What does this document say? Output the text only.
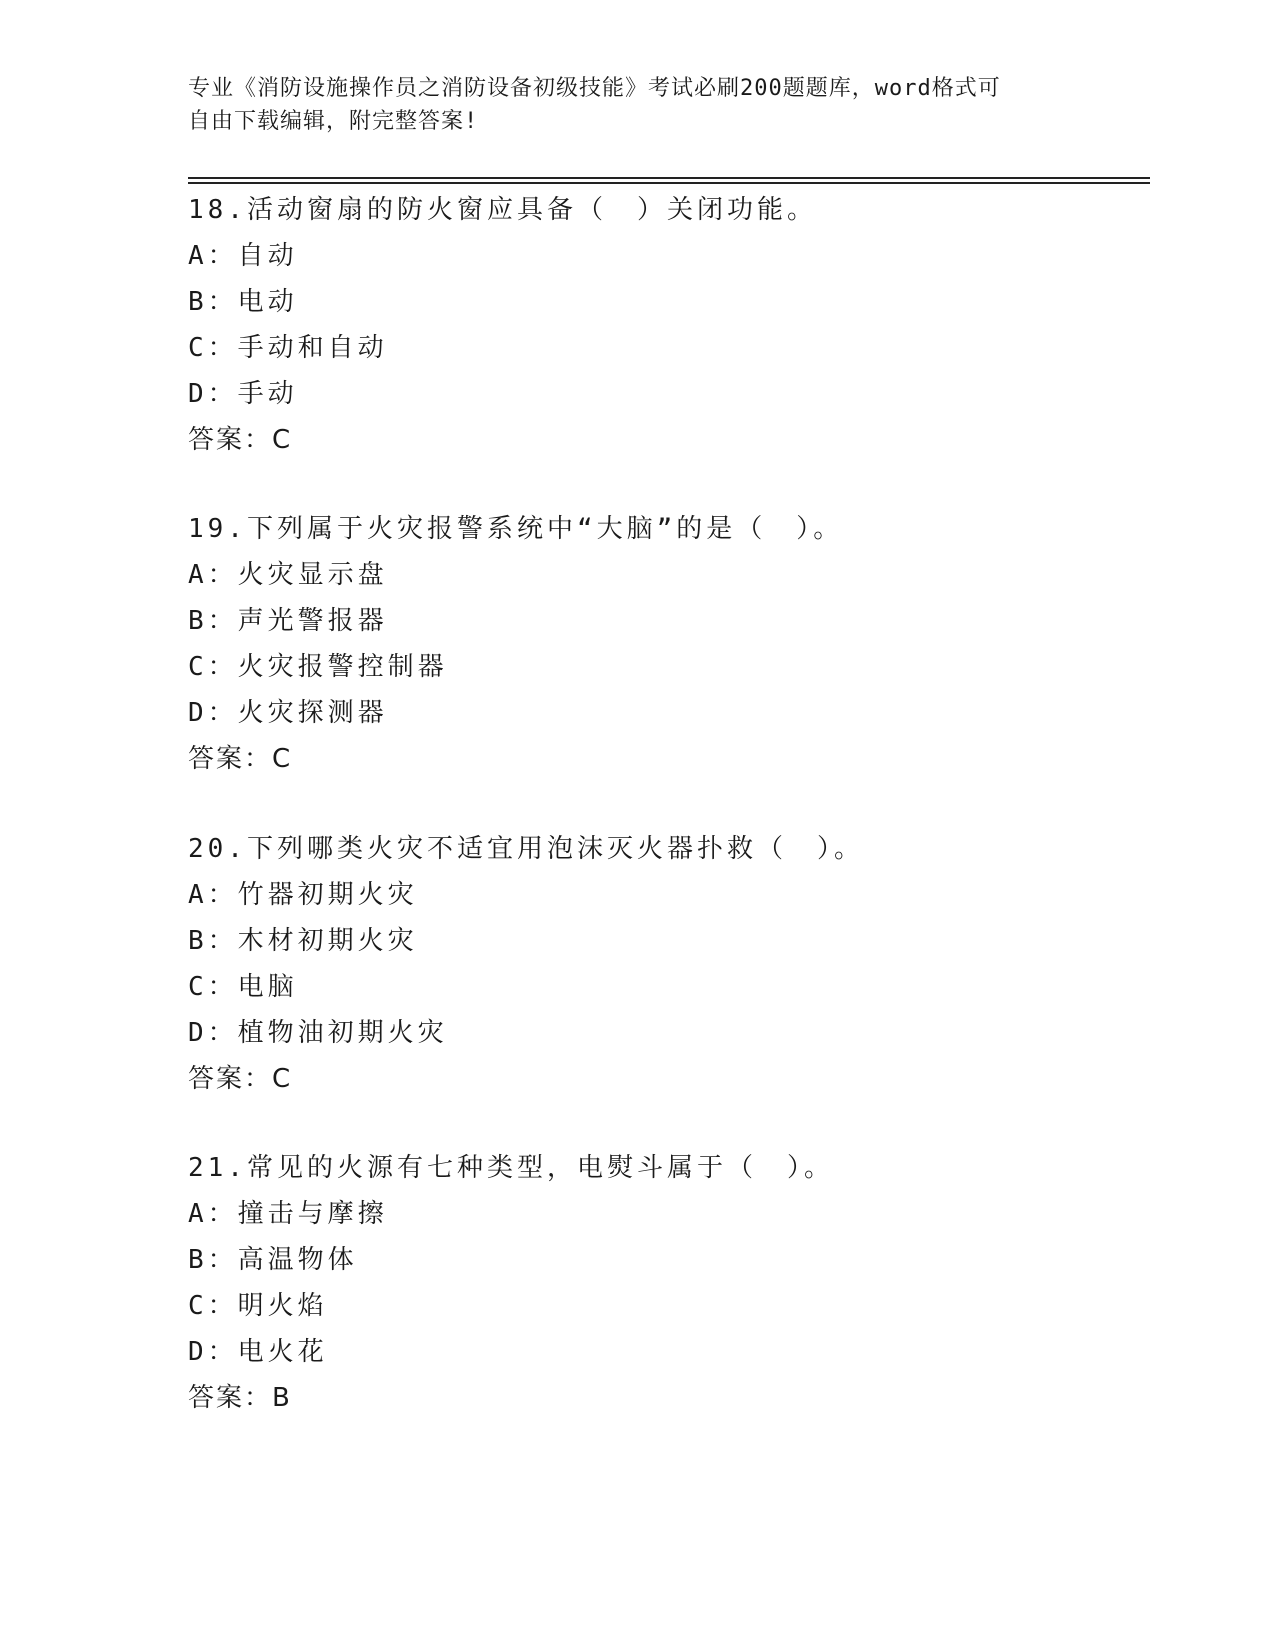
专业《消防设施操作员之消防设备初级技能》考试必刷200题题库，word格式可
自由下载编辑，附完整答案!
18.活动窗扇的防火窗应具备（　）关闭功能。
A：自动
B：电动
C：手动和自动
D：手动
答案：C
19.下列属于火灾报警系统中“大脑”的是（　）。
A：火灾显示盘
B：声光警报器
C：火灾报警控制器
D：火灾探测器
答案：C
20.下列哪类火灾不适宜用泡沫灭火器扑救（　）。
A：竹器初期火灾
B：木材初期火灾
C：电脑
D：植物油初期火灾
答案：C
21.常见的火源有七种类型，电熨斗属于（　）。
A：撞击与摩擦
B：高温物体
C：明火焰
D：电火花
答案：B
